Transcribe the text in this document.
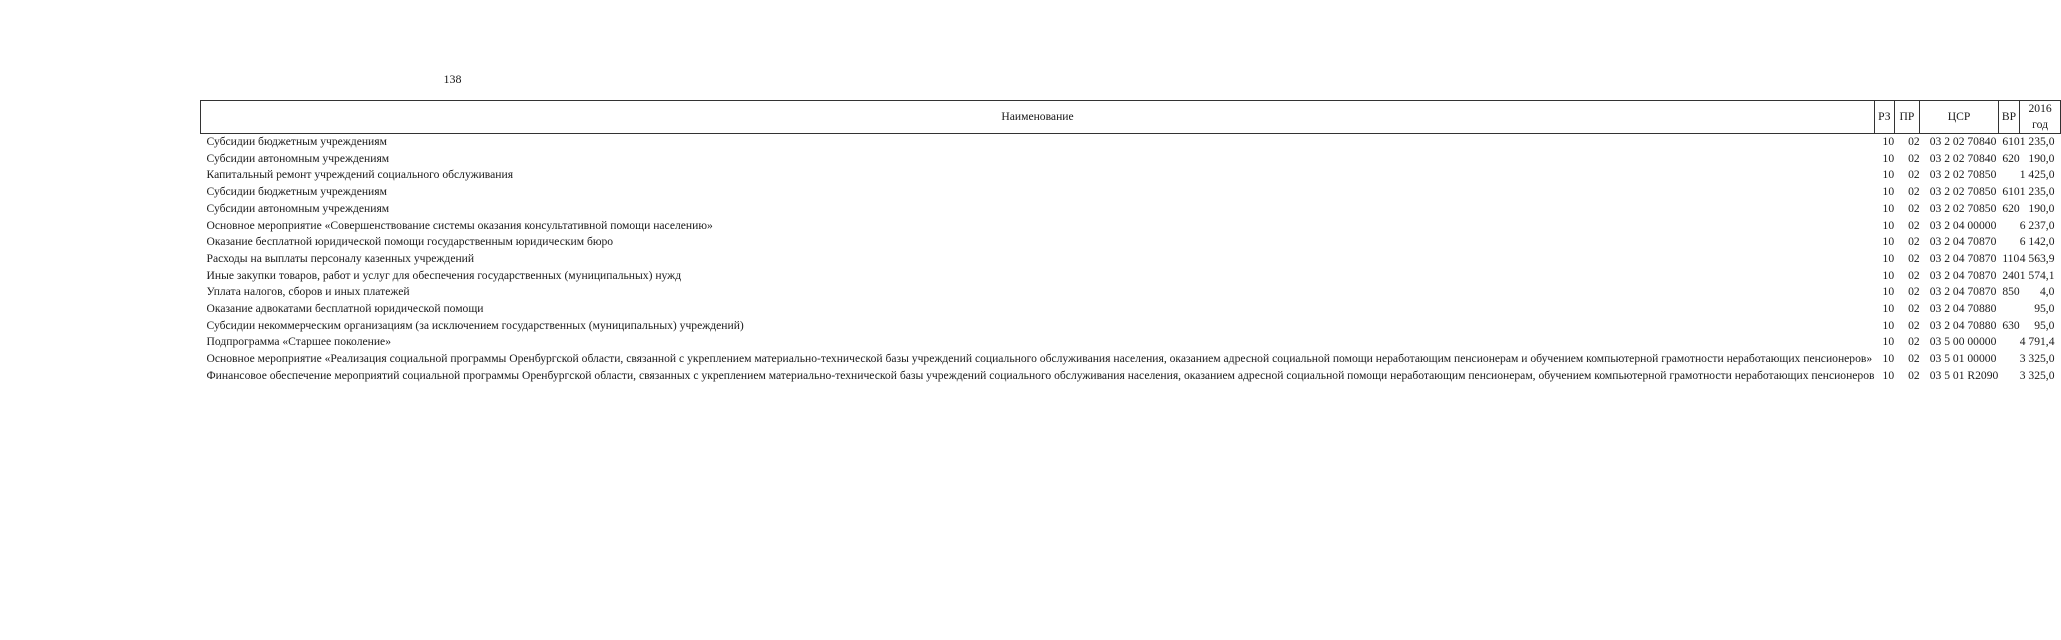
138
Наименование	РЗ	ПР	ЦСР	ВР	2016 год
Субсидии бюджетным учреждениям	10	02	03 2 02 70840	610	1 235,0
Субсидии автономным учреждениям	10	02	03 2 02 70840	620	190,0
Капитальный ремонт учреждений социального обслуживания	10	02	03 2 02 70850		1 425,0
Субсидии бюджетным учреждениям	10	02	03 2 02 70850	610	1 235,0
Субсидии автономным учреждениям	10	02	03 2 02 70850	620	190,0
Основное мероприятие «Совершенствование системы оказания консультативной помощи населению»	10	02	03 2 04 00000		6 237,0
Оказание бесплатной юридической помощи государственным юридическим бюро	10	02	03 2 04 70870		6 142,0
Расходы на выплаты персоналу казенных учреждений	10	02	03 2 04 70870	110	4 563,9
Иные закупки товаров, работ и услуг для обеспечения государственных (муниципальных) нужд	10	02	03 2 04 70870	240	1 574,1
Уплата налогов, сборов и иных платежей	10	02	03 2 04 70870	850	4,0
Оказание адвокатами бесплатной юридической помощи	10	02	03 2 04 70880		95,0
Субсидии некоммерческим организациям (за исключением государственных (муниципальных) учреждений)	10	02	03 2 04 70880	630	95,0
Подпрограмма «Старшее поколение»	10	02	03 5 00 00000		4 791,4
Основное мероприятие «Реализация социальной программы Оренбургской области, связанной с укреплением материально-технической базы учреждений социального обслуживания населения, оказанием адресной социальной помощи неработающим пенсионерам и обучением компьютерной грамотности неработающих пенсионеров»	10	02	03 5 01 00000		3 325,0
Финансовое обеспечение мероприятий социальной программы Оренбургской области, связанных с укреплением материально-технической базы учреждений социального обслуживания населения, оказанием адресной социальной помощи неработающим пенсионерам, обучением компьютерной грамотности неработающих пенсионеров	10	02	03 5 01 R2090		3 325,0
